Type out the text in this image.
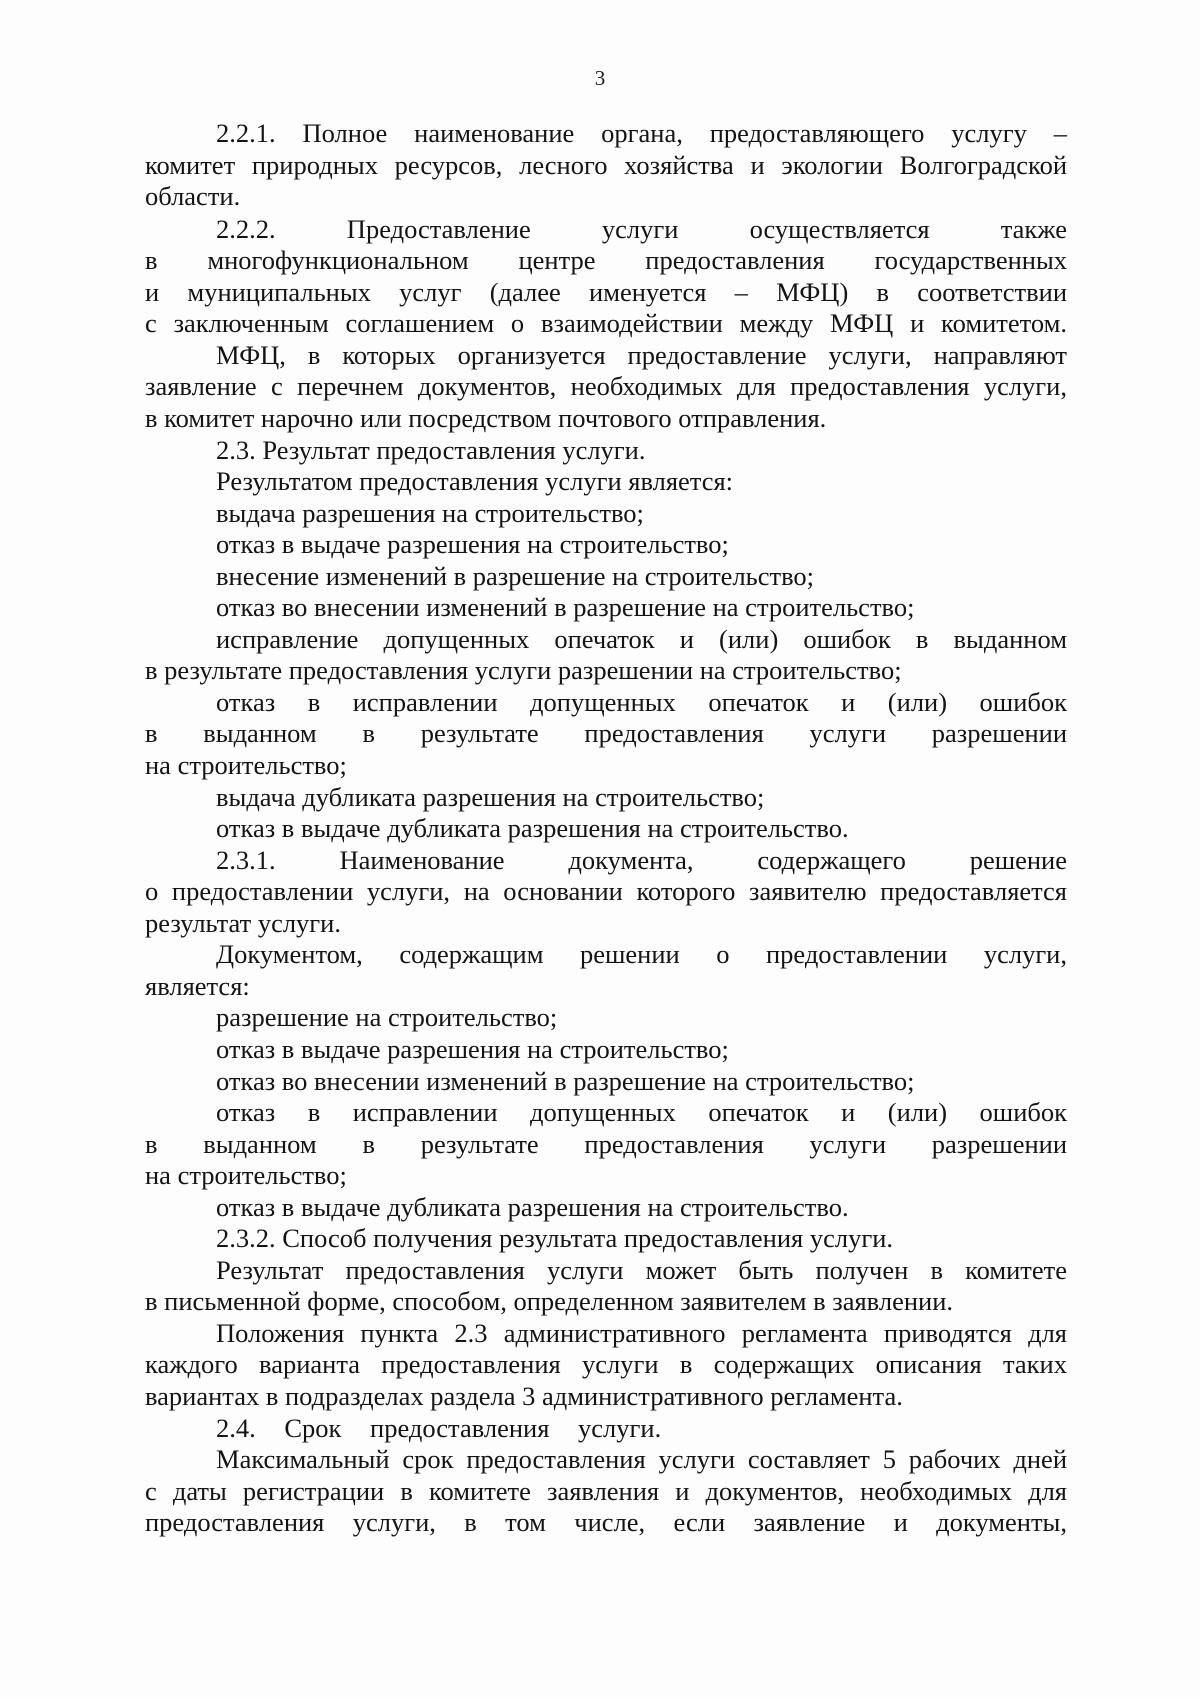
3
2.2.1. Полное наименование органа, предоставляющего услугу –
комитет природных ресурсов, лесного хозяйства и экологии Волгоградской
области.
2.2.2. Предоставление услуги осуществляется также
в многофункциональном центре предоставления государственных
и муниципальных услуг (далее именуется – МФЦ) в соответствии
с заключенным соглашением о взаимодействии между МФЦ и комитетом.
МФЦ, в которых организуется предоставление услуги, направляют
заявление с перечнем документов, необходимых для предоставления услуги,
в комитет нарочно или посредством почтового отправления.
2.3. Результат предоставления услуги.
Результатом предоставления услуги является:
выдача разрешения на строительство;
отказ в выдаче разрешения на строительство;
внесение изменений в разрешение на строительство;
отказ во внесении изменений в разрешение на строительство;
исправление допущенных опечаток и (или) ошибок в выданном
в результате предоставления услуги разрешении на строительство;
отказ в исправлении допущенных опечаток и (или) ошибок
в выданном в результате предоставления услуги разрешении
на строительство;
выдача дубликата разрешения на строительство;
отказ в выдаче дубликата разрешения на строительство.
2.3.1. Наименование документа, содержащего решение
о предоставлении услуги, на основании которого заявителю предоставляется
результат услуги.
Документом, содержащим решении о предоставлении услуги,
является:
разрешение на строительство;
отказ в выдаче разрешения на строительство;
отказ во внесении изменений в разрешение на строительство;
отказ в исправлении допущенных опечаток и (или) ошибок
в выданном в результате предоставления услуги разрешении
на строительство;
отказ в выдаче дубликата разрешения на строительство.
2.3.2. Способ получения результата предоставления услуги.
Результат предоставления услуги может быть получен в комитете
в письменной форме, способом, определенном заявителем в заявлении.
Положения пункта 2.3 административного регламента приводятся для
каждого варианта предоставления услуги в содержащих описания таких
вариантах в подразделах раздела 3 административного регламента.
2.4. Срок предоставления услуги.
Максимальный срок предоставления услуги составляет 5 рабочих дней
с даты регистрации в комитете заявления и документов, необходимых для
предоставления услуги, в том числе, если заявление и документы,
